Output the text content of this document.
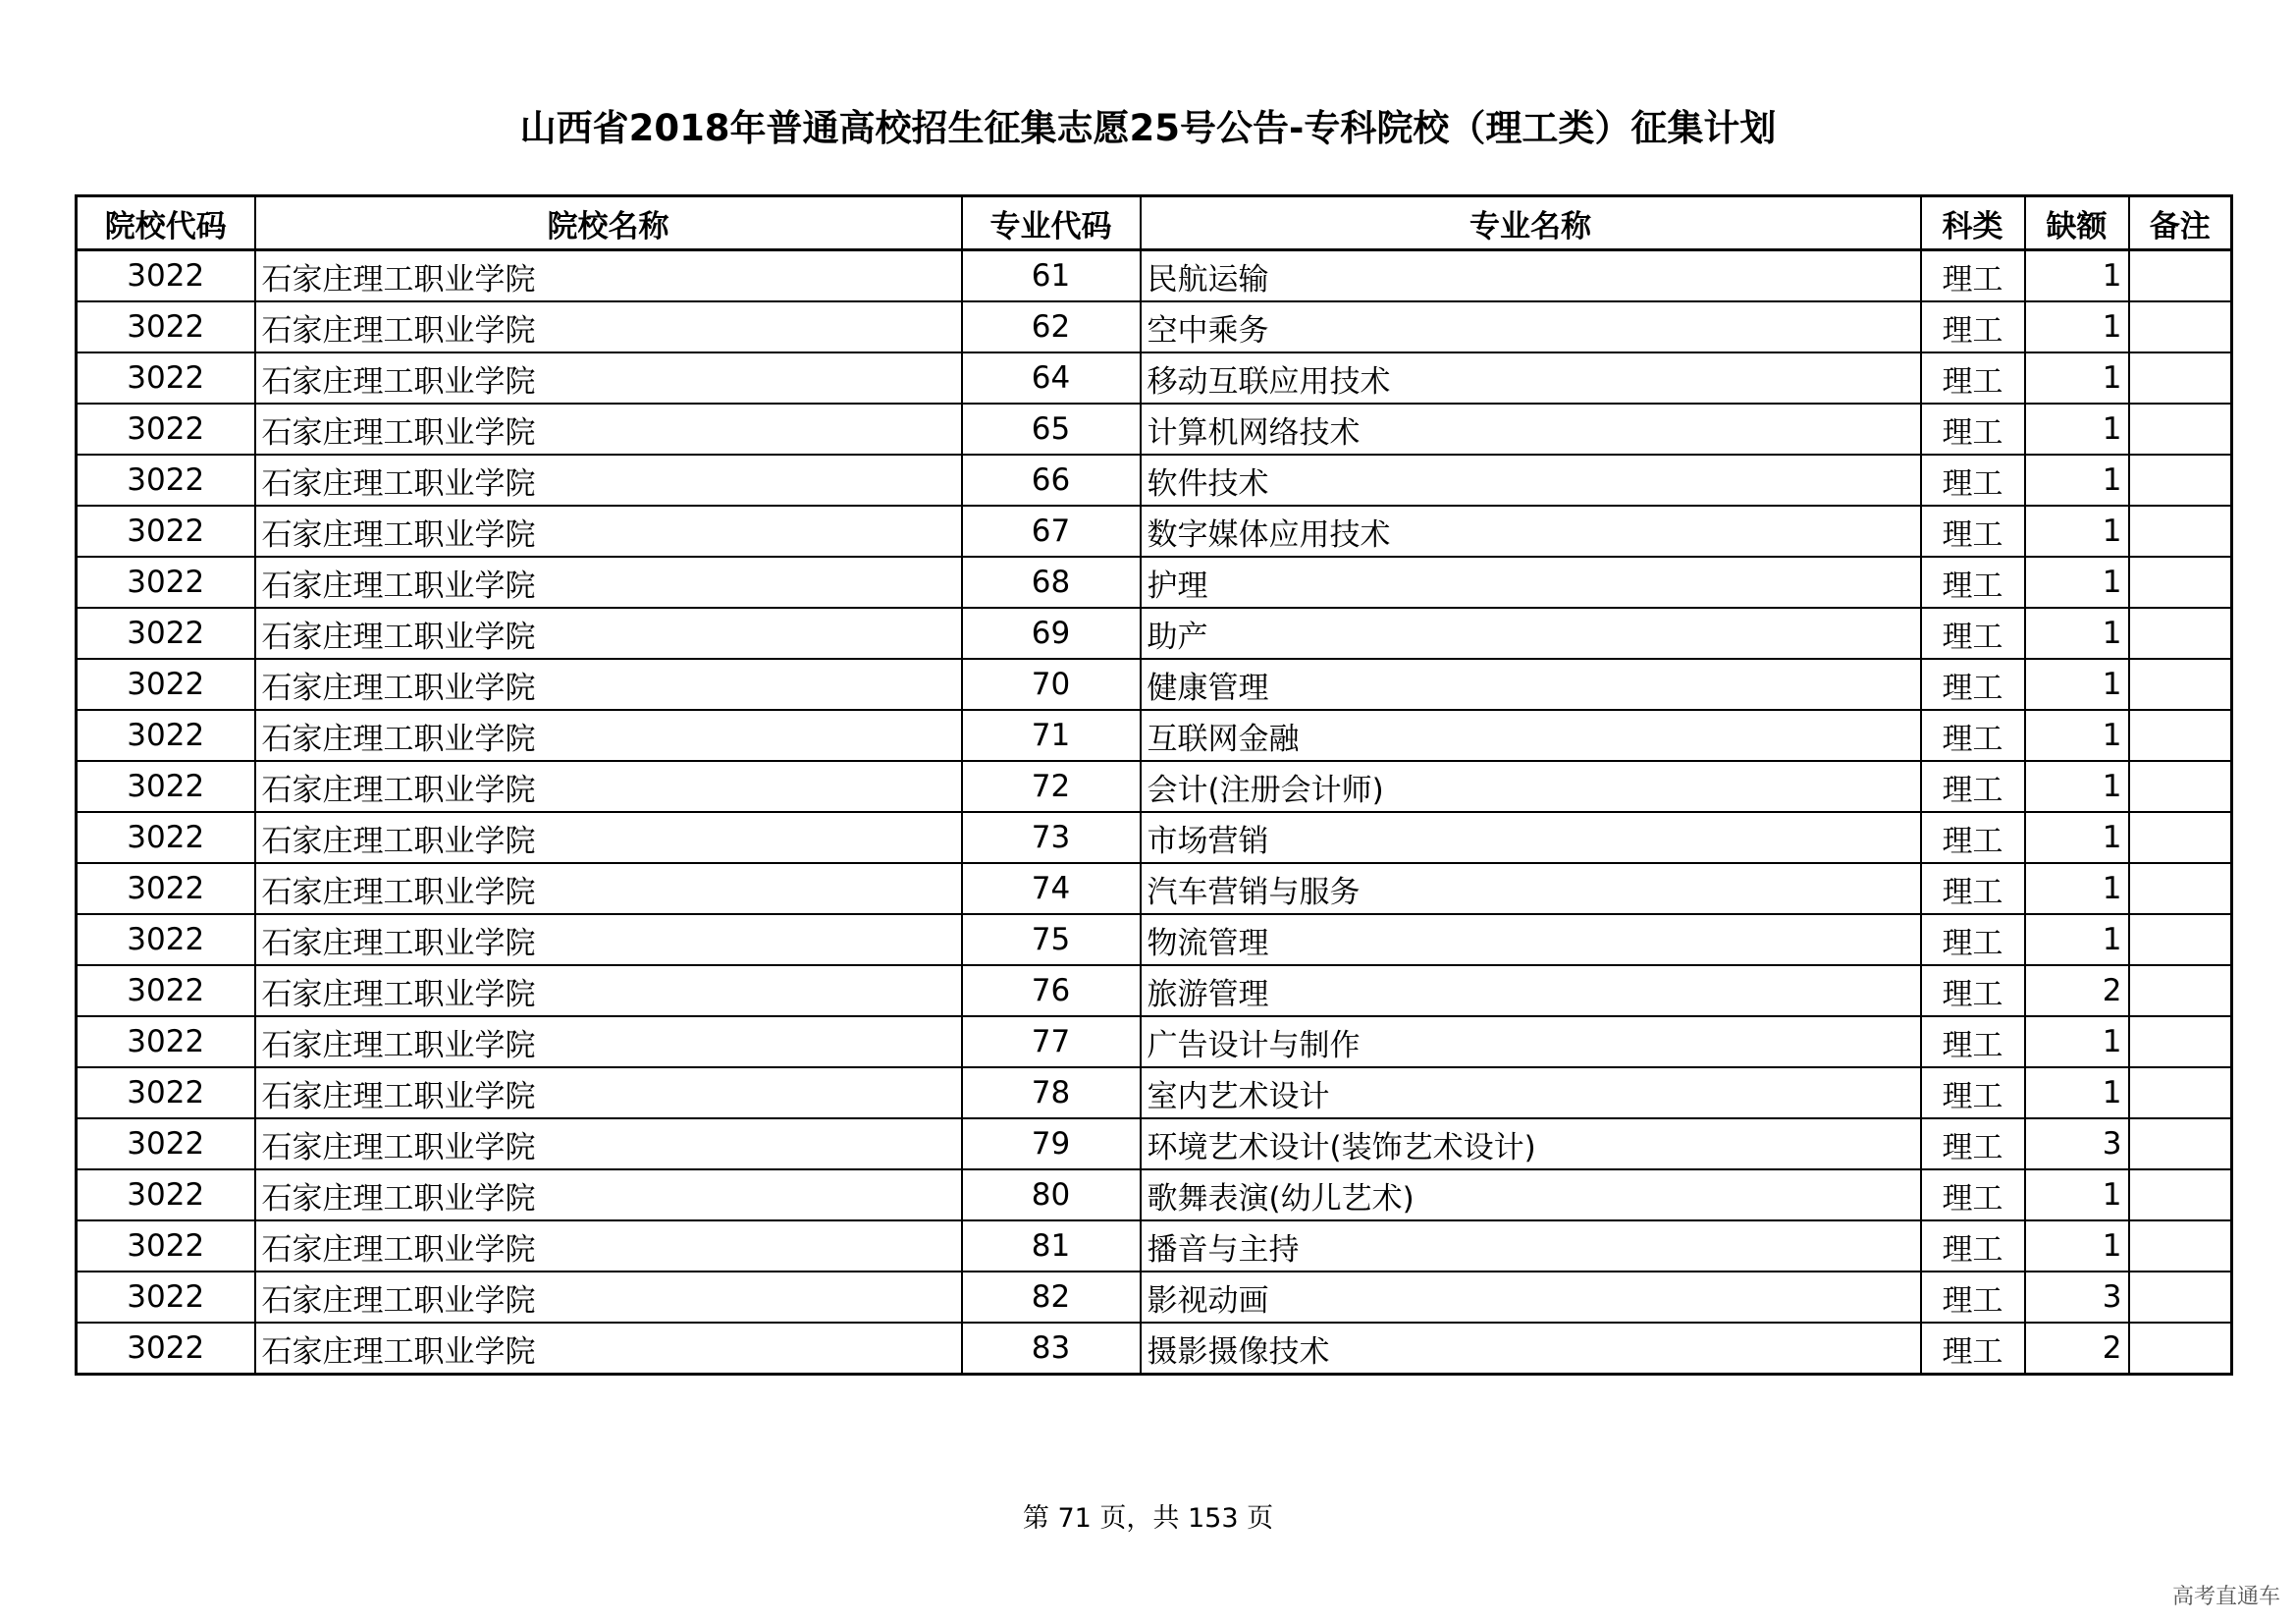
山西省2018年普通高校招生征集志愿25号公告-专科院校（理工类）征集计划
院校代码	院校名称	专业代码	专业名称	科类	缺额	备注
3022	石家庄理工职业学院	61	民航运输	理工	1	
3022	石家庄理工职业学院	62	空中乘务	理工	1	
3022	石家庄理工职业学院	64	移动互联应用技术	理工	1	
3022	石家庄理工职业学院	65	计算机网络技术	理工	1	
3022	石家庄理工职业学院	66	软件技术	理工	1	
3022	石家庄理工职业学院	67	数字媒体应用技术	理工	1	
3022	石家庄理工职业学院	68	护理	理工	1	
3022	石家庄理工职业学院	69	助产	理工	1	
3022	石家庄理工职业学院	70	健康管理	理工	1	
3022	石家庄理工职业学院	71	互联网金融	理工	1	
3022	石家庄理工职业学院	72	会计(注册会计师)	理工	1	
3022	石家庄理工职业学院	73	市场营销	理工	1	
3022	石家庄理工职业学院	74	汽车营销与服务	理工	1	
3022	石家庄理工职业学院	75	物流管理	理工	1	
3022	石家庄理工职业学院	76	旅游管理	理工	2	
3022	石家庄理工职业学院	77	广告设计与制作	理工	1	
3022	石家庄理工职业学院	78	室内艺术设计	理工	1	
3022	石家庄理工职业学院	79	环境艺术设计(装饰艺术设计)	理工	3	
3022	石家庄理工职业学院	80	歌舞表演(幼儿艺术)	理工	1	
3022	石家庄理工职业学院	81	播音与主持	理工	1	
3022	石家庄理工职业学院	82	影视动画	理工	3	
3022	石家庄理工职业学院	83	摄影摄像技术	理工	2	
第 71 页，共 153 页
高考直通车
